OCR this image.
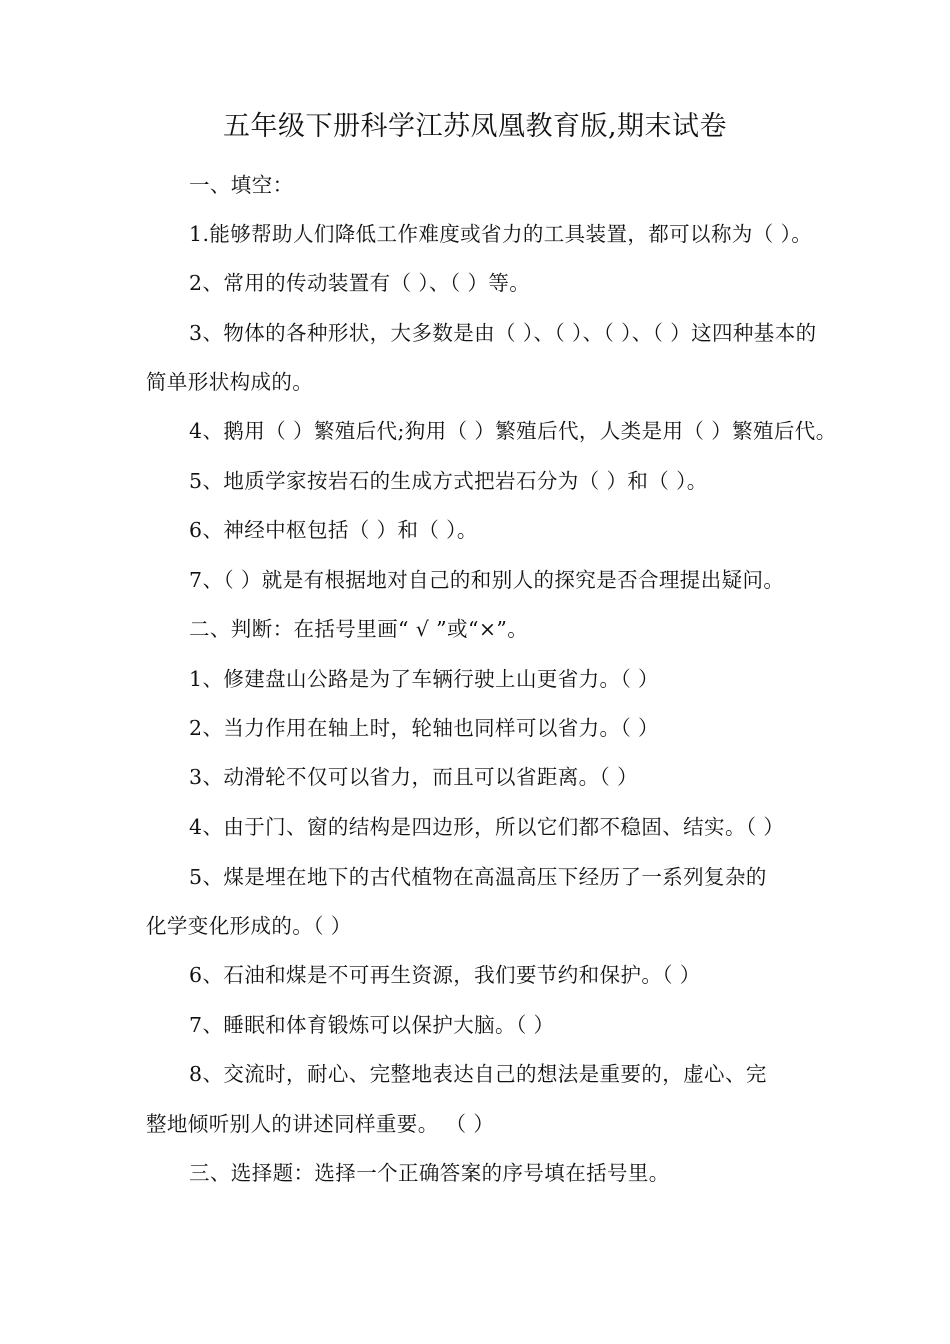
五年级下册科学江苏凤凰教育版,期末试卷
一、填空：
1.能够帮助人们降低工作难度或省力的工具装置，都可以称为（ ）。
2、常用的传动装置有（ ）、（ ）等。
3、物体的各种形状，大多数是由（ ）、（ ）、（ ）、（ ）这四种基本的
简单形状构成的。
4、鹅用（ ）繁殖后代;狗用（ ）繁殖后代，人类是用（ ）繁殖后代。
5、地质学家按岩石的生成方式把岩石分为（ ）和（ ）。
6、神经中枢包括（ ）和（ ）。
7、（ ）就是有根据地对自己的和别人的探究是否合理提出疑问。
二、判断：在括号里画“ √ ”或“×”。
1、修建盘山公路是为了车辆行驶上山更省力。（ ）
2、当力作用在轴上时，轮轴也同样可以省力。（ ）
3、动滑轮不仅可以省力，而且可以省距离。（ ）
4、由于门、窗的结构是四边形，所以它们都不稳固、结实。（ ）
5、煤是埋在地下的古代植物在高温高压下经历了一系列复杂的
化学变化形成的。（ ）
6、石油和煤是不可再生资源，我们要节约和保护。（ ）
7、睡眠和体育锻炼可以保护大脑。（ ）
8、交流时，耐心、完整地表达自己的想法是重要的，虚心、完
整地倾听别人的讲述同样重要。 （ ）
三、选择题：选择一个正确答案的序号填在括号里。
